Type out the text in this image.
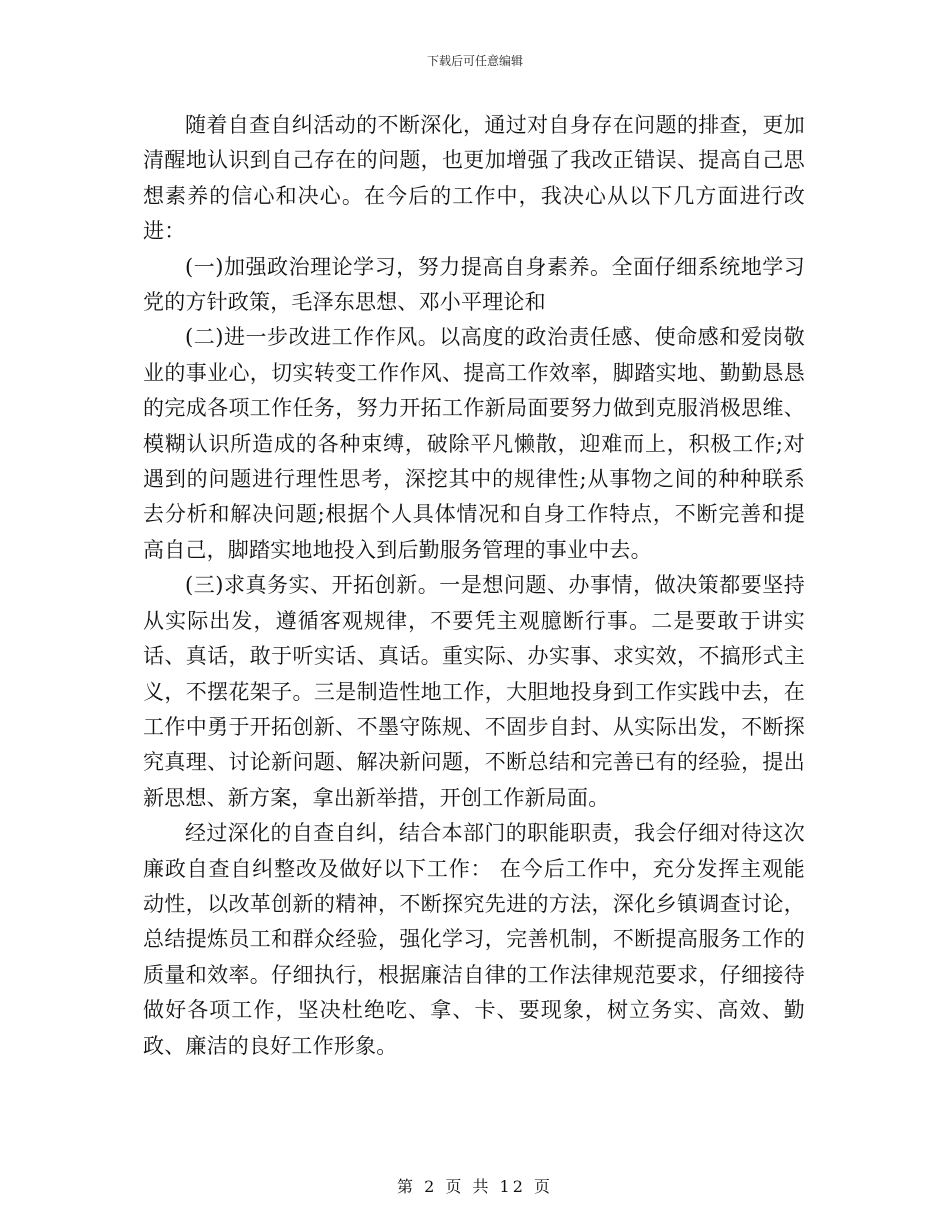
下载后可任意编辑

随着自查自纠活动的不断深化，通过对自身存在问题的排查，更加清醒地认识到自己存在的问题，也更加增强了我改正错误、提高自己思想素养的信心和决心。在今后的工作中，我决心从以下几方面进行改进：

(一)加强政治理论学习，努力提高自身素养。全面仔细系统地学习党的方针政策，毛泽东思想、邓小平理论和

(二)进一步改进工作作风。以高度的政治责任感、使命感和爱岗敬业的事业心，切实转变工作作风、提高工作效率，脚踏实地、勤勤恳恳的完成各项工作任务，努力开拓工作新局面要努力做到克服消极思维、模糊认识所造成的各种束缚，破除平凡懒散，迎难而上，积极工作;对遇到的问题进行理性思考，深挖其中的规律性;从事物之间的种种联系去分析和解决问题;根据个人具体情况和自身工作特点，不断完善和提高自己，脚踏实地地投入到后勤服务管理的事业中去。

(三)求真务实、开拓创新。一是想问题、办事情，做决策都要坚持从实际出发，遵循客观规律，不要凭主观臆断行事。二是要敢于讲实话、真话，敢于听实话、真话。重实际、办实事、求实效，不搞形式主义，不摆花架子。三是制造性地工作，大胆地投身到工作实践中去，在工作中勇于开拓创新、不墨守陈规、不固步自封、从实际出发，不断探究真理、讨论新问题、解决新问题，不断总结和完善已有的经验，提出新思想、新方案，拿出新举措，开创工作新局面。

经过深化的自查自纠，结合本部门的职能职责，我会仔细对待这次廉政自查自纠整改及做好以下工作： 在今后工作中，充分发挥主观能动性，以改革创新的精神，不断探究先进的方法，深化乡镇调查讨论，总结提炼员工和群众经验，强化学习，完善机制，不断提高服务工作的质量和效率。仔细执行，根据廉洁自律的工作法律规范要求，仔细接待做好各项工作，坚决杜绝吃、拿、卡、要现象，树立务实、高效、勤政、廉洁的良好工作形象。

第 2 页 共 12 页
